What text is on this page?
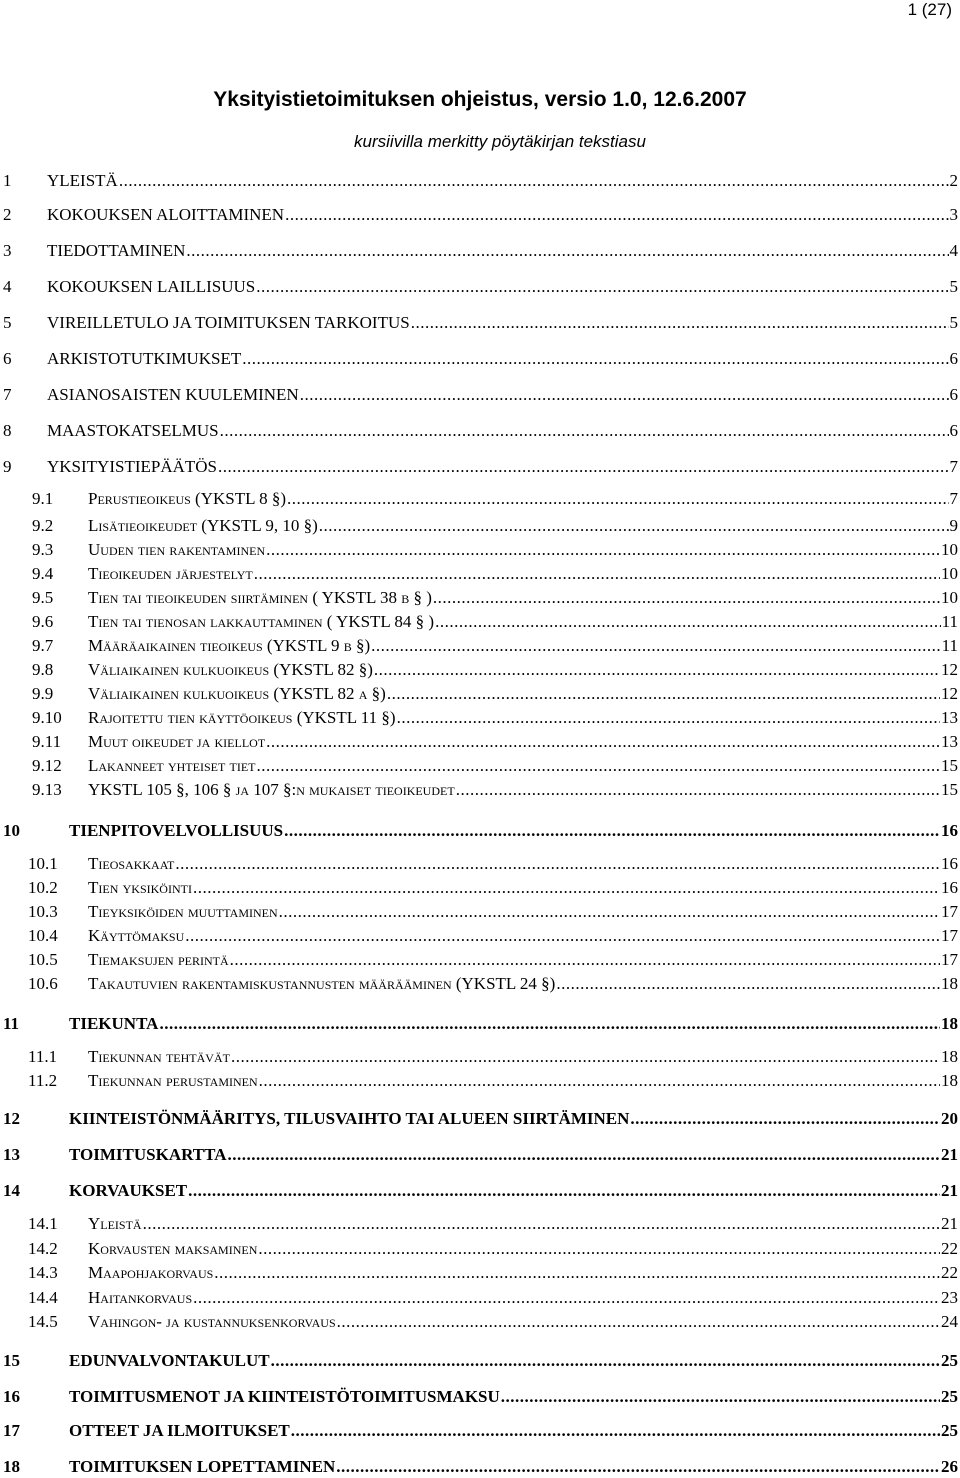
1 (27)
Yksityistietoimituksen ohjeistus, versio 1.0, 12.6.2007
kursiivilla merkitty pöytäkirjan tekstiasu
1	YLEISTÄ .....	2
2	KOKOUKSEN ALOITTAMINEN .....	3
3	TIEDOTTAMINEN .....	4
4	KOKOUKSEN LAILLISUUS .....	5
5	VIREILLETULO JA TOIMITUKSEN TARKOITUS .....	5
6	ARKISTOTUTKIMUKSET .....	6
7	ASIANOSAISTEN KUULEMINEN .....	6
8	MAASTOKATSELMUS .....	6
9	YKSITYISTIEPÄÄTÖS .....	7
9.1	Perustieoikeus (YKSTL 8 §) .....	7
9.2	Lisätieoikeudet (YKSTL 9, 10 §) .....	9
9.3	Uuden tien rakentaminen .....	10
9.4	Tieoikeuden järjestelyt .....	10
9.5	Tien tai tieoikeuden siirtäminen ( YKSTL 38 b § ) .....	10
9.6	Tien tai tienosan lakkauttaminen ( YKSTL 84 § ) .....	11
9.7	Määräaikainen tieoikeus (YKSTL 9 b §) .....	11
9.8	Väliaikainen kulkuoikeus (YKSTL 82 §) .....	12
9.9	Väliaikainen kulkuoikeus (YKSTL 82 a §) .....	12
9.10	Rajoitettu tien käyttöoikeus (YKSTL 11 §) .....	13
9.11	Muut oikeudet ja kiellot .....	13
9.12	Lakanneet yhteiset tiet .....	15
9.13	YKSTL 105 §, 106 § ja 107 §:n mukaiset tieoikeudet .....	15
10	TIENPITOVELVOLLISUUS .....	16
10.1	Tieosakkaat .....	16
10.2	Tien yksiköinti .....	16
10.3	Tieyksiköiden muuttaminen .....	17
10.4	Käyttömaksu .....	17
10.5	Tiemaksujen perintä .....	17
10.6	Takautuvien rakentamiskustannusten määrääminen (YKSTL 24 §) .....	18
11	TIEKUNTA .....	18
11.1	Tiekunnan tehtävät .....	18
11.2	Tiekunnan perustaminen .....	18
12	KIINTEISTÖNMÄÄRITYS, TILUSVAIHTO TAI ALUEEN SIIRTÄMINEN .....	20
13	TOIMITUSKARTTA .....	21
14	KORVAUKSET .....	21
14.1	Yleistä .....	21
14.2	Korvausten maksaminen .....	22
14.3	Maapohjakorvaus .....	22
14.4	Haitankorvaus .....	23
14.5	Vahingon- ja kustannuksenkorvaus .....	24
15	EDUNVALVONTAKULUT .....	25
16	TOIMITUSMENOT JA KIINTEISTÖTOIMITUSMAKSU .....	25
17	OTTEET JA ILMOITUKSET .....	25
18	TOIMITUKSEN LOPETTAMINEN .....	26
